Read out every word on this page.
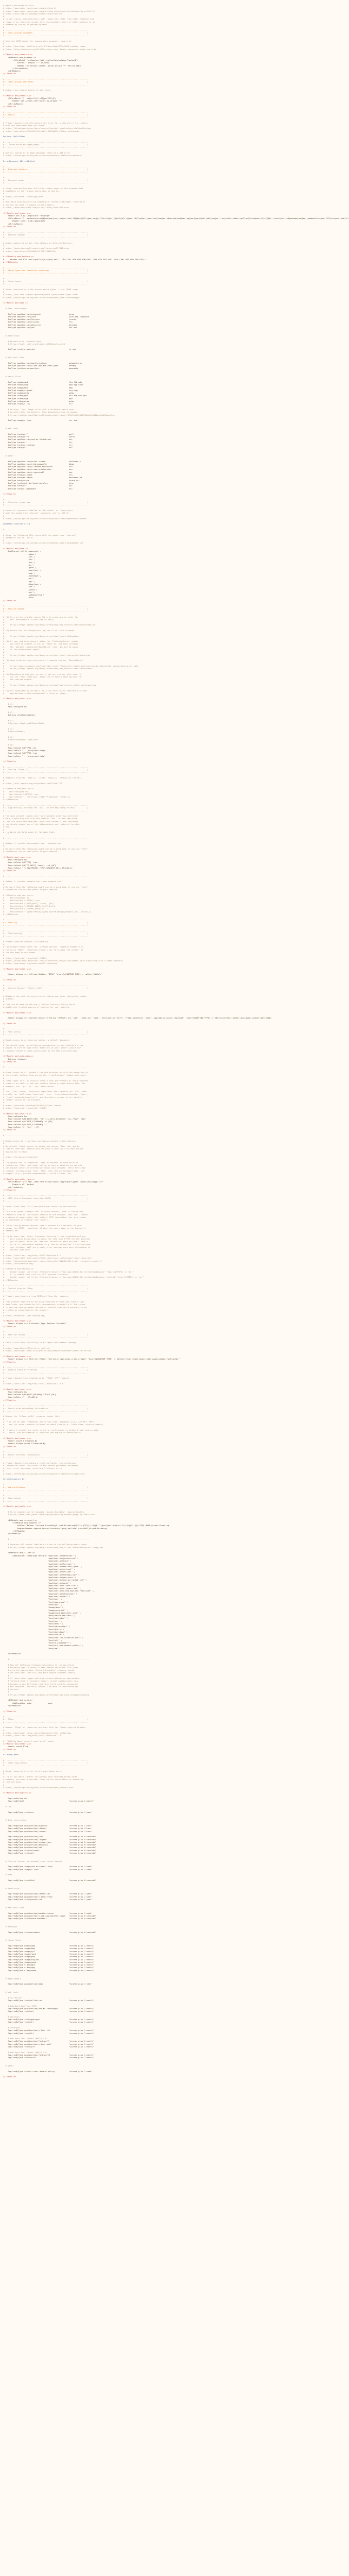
# Nginx Configuration File
# https://www.nginx.com/resources/wiki/start/
# https://www.nginx.com/resources/wiki/start/topics/tutorials/config_pitfalls/
# https://wiki.debian.org/Nginx/DirectoryStructure
#
# In most cases, administrators will remove this file from sites-enabled/ and
# leave it as reference inside of sites-available where it will continue to be
# updated by the nginx packaging team.
#
# ----------------------------------------------------------------------
# | Cross-origin requests                                              |
# ----------------------------------------------------------------------

# Send the CORS header for images when browsers request it.
#
# https://developer.mozilla.org/en-US/docs/Web/HTML/CORS_enabled_image
# https://blog.chromium.org/2011/07/using-cross-domain-images-in-webgl-and.html

<IfModule mod_setenvif.c>
<IfModule mod_headers.c>
<FilesMatch "\.(bmp|cur|gif|ico|jpe?g|png|svgz?|webp)$">
SetEnvIf Origin ":" IS_CORS
Header set Access-Control-Allow-Origin "*" env=IS_CORS
</FilesMatch>
</IfModule>
</IfModule>

# ----------------------------------------------------------------------
# | Cross-origin web fonts                                             |
# ----------------------------------------------------------------------

# Allow cross-origin access to web fonts.

<IfModule mod_headers.c>
<FilesMatch "\.(eot|otf|tt[cf]|woff2?)$">
Header set Access-Control-Allow-Origin "*"
</FilesMatch>
</IfModule>

# ----------------------------------------------------------------------
# | Errors                                                             |
# ----------------------------------------------------------------------

# Prevent Apache from returning a 404 error for a rewrite if a directory
# with the same name does not exist.
# https://httpd.apache.org/docs/current/content-negotiation.html#multiviews
# https://www.w3.org/TR/2011/CR-html5-20110525/offline.html#cache

Options -MultiViews

# ----------------------------------------------------------------------
# | Custom error messages/pages                                        |
# ----------------------------------------------------------------------

# Use our custom error page whenever there is a 404 error.
# https://httpd.apache.org/docs/current/mod/core.html#errordocument

ErrorDocument 404 /404.html

# ----------------------------------------------------------------------
# | Internet Explorer                                                  |
# ----------------------------------------------------------------------

# ----------------------------------------------------------------------
# | Document modes                                                     |
# ----------------------------------------------------------------------

# Force Internet Explorer 8/9/10 to render pages in the highest mode
# available in the various cases when it may not.
#
# https://hsivonen.fi/doctype/#ie8
#
# Use <meta http-equiv="X-UA-Compatible" content="IE=edge"> instead if
# you are not able to change server headers.
# https://msdn.microsoft.com/en-us/library/ff955275.aspx

<IfModule mod_headers.c>
Header set X-UA-Compatible "IE=edge"
<FilesMatch "\.(appcache|atom|bbaw|bmp|crx|css|cur|eot|f4[abpv]|flv|geojson|gif|htc|ic[os]|jpe?g|m?js|json(ld)?|m4[av]|manifest|map|markdown|md|mp4|oex|og[agv]|opus|otf|pdf|png|rdf|rss|safariextz|svgz?|swf|topojson|tt[cf]|txt|vcard|vcf|vtt|webapp|web[mp]|webmanifest|woff2?|xloc|xml|xpi)$">
Header unset X-UA-Compatible
</FilesMatch>
</IfModule>

# ----------------------------------------------------------------------
# | Iframes cookies                                                    |
# ----------------------------------------------------------------------

# Allow cookies to be set from iframes in Internet Explorer.
#
# https://msdn.microsoft.com/en-us/library/ms537343.aspx
# https://www.w3.org/TR/2000/CR-P3P-20001215/

# <IfModule mod_headers.c>
#     Header set P3P "policyref=\"/w3c/p3p.xml\", CP=\"IDC DSP COR ADM DEVi TAIi PSA PSD IVAi IVDi CONi HIS OUR IND CNT\""
# </IfModule>

# ----------------------------------------------------------------------
# | Media types and character encodings                                |
# ----------------------------------------------------------------------

# ----------------------------------------------------------------------
# | Media types                                                        |
# ----------------------------------------------------------------------

# Serve resources with the proper media types (f.k.a. MIME types).
#
# https://www.iana.org/assignments/media-types/media-types.xhtml
# https://httpd.apache.org/docs/current/mod/mod_mime.html#addtype

<IfModule mod_mime.c>

# Data interchange

AddType application/atom+xml                        atom
AddType application/json                            json map topojson
AddType application/ld+json                         jsonld
AddType application/rss+xml                         rss
AddType application/geo+json                        geojson
AddType application/xml                             rdf xml

# JavaScript

# Normalize to standard type.
# https://tools.ietf.org/html/rfc4329#section-7.2

AddType text/javascript                             js mjs

# Manifest files

AddType application/manifest+json                   webmanifest
AddType application/x-web-app-manifest+json         webapp
AddType text/cache-manifest                         appcache

# Media files

AddType audio/mp4                                   f4a f4b m4a
AddType audio/ogg                                   oga ogg opus
AddType image/bmp                                   bmp
AddType image/svg+xml                               svg svgz
AddType image/webp                                  webp
AddType video/mp4                                   f4v f4p m4v mp4
AddType video/ogg                                   ogv
AddType video/webm                                  webm
AddType video/x-flv                                 flv

# Serving `.ico` image files with a different media type
# prevents Internet Explorer from displaying them as images:
# https://github.com/h5bp/html5-boilerplate/commit/37b5fec090d00f38de64b591bcddcb205aadf8ee

AddType image/x-icon                                cur ico

# Web fonts

AddType font/woff                                   woff
AddType font/woff2                                  woff2
AddType application/vnd.ms-fontobject               eot
AddType font/ttf                                    ttf
AddType font/collection                             ttc
AddType font/otf                                    otf

# Other

AddType application/octet-stream                    safariextz
AddType application/x-bb-appworld                   bbaw
AddType application/x-chrome-extension              crx
AddType application/x-opera-extension               oex
AddType application/x-xpinstall                     xpi
AddType text/calendar                               ics
AddType text/markdown                               markdown md
AddType text/vcard                                  vcard vcf
AddType text/vnd.rim.location.xloc                  xloc
AddType text/vtt                                    vtt
AddType text/x-component                            htc

</IfModule>

# ----------------------------------------------------------------------
# | Character encodings                                                |
# ----------------------------------------------------------------------

# Serve all resources labeled as `text/html` or `text/plain`
# with the media type `charset` parameter set to `UTF-8`.
#
# https://httpd.apache.org/docs/current/mod/core.html#adddefaultcharset

AddDefaultCharset utf-8

# - - - - - - - - - - - - - - - - - - - - - - - - - - - - - - - - - - -

# Serve the following file types with the media type `charset`
# parameter set to `UTF-8`.
#
# https://httpd.apache.org/docs/current/mod/mod_mime.html#addcharset

<IfModule mod_mime.c>
AddCharset utf-8 .appcache \
.bbaw \
.css \
.htc \
.ics \
.js \
.json \
.manifest \
.map \
.markdown \
.md \
.mjs \
.topojson \
.vtt \
.vcard \
.vcf \
.webmanifest \
.xloc
</IfModule>

# ----------------------------------------------------------------------
# | Rewrite engine                                                     |
# ----------------------------------------------------------------------

# (1) Turn on the rewrite engine (this is necessary in order for
#     the `RewriteRule` directives to work).
#
#     https://httpd.apache.org/docs/current/mod/mod_rewrite.html#RewriteEngine
#
# (2) Enable the `FollowSymLinks` option if it isn't already.
#
#     https://httpd.apache.org/docs/current/mod/core.html#options
#
# (3) If your web host doesn't allow the `FollowSymlinks` option,
#     you need to comment it out or remove it, and then uncomment
#     the `Options +SymLinksIfOwnerMatch` line (4), but be aware
#     of the performance impact.
#
#     https://httpd.apache.org/docs/current/misc/perf-tuning.html#symlinks
#
# (4) Some cloud hosting services will require you set `RewriteBase`.
#
#     https://www.rackspace.com/knowledge_center/frequently-asked-question/why-is-modrewrite-not-working-on-my-site
#     https://httpd.apache.org/docs/current/mod/mod_rewrite.html#rewritebase
#
# (5) Depending on how your server is set up, you may also need to
#     use the `RewriteOptions` directive to enable some options for
#     the rewrite engine.
#
#     https://httpd.apache.org/docs/current/mod/mod_rewrite.html#rewriteoptions
#
# (6) Set %{ENV:PROTO} variable, to allow rewrites to redirect with the
#     appropriate schema automatically (http or https).

<IfModule mod_rewrite.c>

# (1)
RewriteEngine On

# (2)
Options +FollowSymlinks

# (3)
# Options +SymLinksIfOwnerMatch

# (4)
# RewriteBase /

# (5)
# RewriteOptions <options>

# (6)
RewriteCond %{HTTPS} =on
RewriteRule ^ - [env=proto:https]
RewriteCond %{HTTPS} !=on
RewriteRule ^ - [env=proto:http]

</IfModule>

# ----------------------------------------------------------------------
# | Forcing `https://`                                                 |
# ----------------------------------------------------------------------

# Redirect from the `http://` to the `https://` version of the URL.
#
# https://wiki.apache.org/httpd/RewriteHTTPToHTTPS

# <IfModule mod_rewrite.c>
#    RewriteEngine On
#    RewriteCond %{HTTPS} !=on
#    RewriteRule ^(.*)$ https://%{HTTP_HOST}/$1 [R=301,L]
# </IfModule>

# ----------------------------------------------------------------------
# | Suppressing / Forcing the `www.` at the beginning of URLs          |
# ----------------------------------------------------------------------

# The same content should never be available under two different
# URLs, especially not with and without `www.` at the beginning.
# This can cause SEO problems (duplicate content), and therefore,
# you should choose one of the alternatives and redirect the other
# one.
#
# (!) NEVER USE BOTH RULES AT THE SAME TIME!

# - - - - - - - - - - - - - - - - - - - - - - - - - - - - - - - - - - -

# Option 1: rewrite www.example.com → example.com
#
# Be aware that the following might not be a good idea if you use "real"
# subdomains for certain parts of your website.

<IfModule mod_rewrite.c>
RewriteEngine On
RewriteCond %{HTTPS} !=on
RewriteCond %{HTTP_HOST} ^www\.(.+)$ [NC]
RewriteRule ^ %{ENV:PROTO}://%1%{REQUEST_URI} [R=301,L]
</IfModule>

# - - - - - - - - - - - - - - - - - - - - - - - - - - - - - - - - - - -

# Option 2: rewrite example.com → www.example.com
#
# Be aware that the following might not be a good idea if you use "real"
# subdomains for certain parts of your website.

# <IfModule mod_rewrite.c>
#     RewriteEngine On
#     RewriteCond %{HTTPS} !=on
#     RewriteCond %{HTTP_HOST} !^www\. [NC]
#     RewriteCond %{SERVER_ADDR} !=127.0.0.1
#     RewriteCond %{SERVER_ADDR} !=::1
#     RewriteRule ^ %{ENV:PROTO}://www.%{HTTP_HOST}%{REQUEST_URI} [R=301,L]
# </IfModule>

# ----------------------------------------------------------------------
# | Security                                                           |
# ----------------------------------------------------------------------

# ----------------------------------------------------------------------
# | Clickjacking                                                       |
# ----------------------------------------------------------------------

# Protect website against clickjacking.
#
# The example below sends the `X-Frame-Options` response header with
# the value `DENY`, informing browsers not to display the content of
# the web page in any frame.
#
# https://tools.ietf.org/html/rfc7034
# https://blogs.msdn.microsoft.com/ieinternals/2010/03/30/combating-clickjacking-with-x-frame-options/
# https://www.owasp.org/index.php/Clickjacking

<IfModule mod_headers.c>

Header always set X-Frame-Options "DENY" "expr=%{CONTENT_TYPE} =~ m#text/html#i"

</IfModule>

# ----------------------------------------------------------------------
# | Content Security Policy (CSP)                                      |
# ----------------------------------------------------------------------

# Mitigate the risk of cross-site scripting and other content-injection
# attacks.
#
# This can be done by setting a Content Security Policy which
# whitelists trusted sources of content for your website.

<IfModule mod_headers.c>

Header always set Content-Security-Policy "default-src 'self'; base-uri 'none'; form-action 'self'; frame-ancestors 'none'; upgrade-insecure-requests" "expr=%{CONTENT_TYPE} =~ m#text\/(html|javascript)|application\/pdf|xml#i"

</IfModule>

# ----------------------------------------------------------------------
# | File access                                                        |
# ----------------------------------------------------------------------

# Block access to directories without a default document.
#
# You should leave the following uncommented, as you shouldn't allow
# anyone to surf through every directory on your server (which may
# includes rather private places such as the CMS's directories).

<IfModule mod_autoindex.c>
Options -Indexes
</IfModule>

# - - - - - - - - - - - - - - - - - - - - - - - - - - - - - - - - - - -

# Block access to all hidden files and directories with the exception of
# the visible content from within the `/.well-known/` hidden directory.
#
# These types of files usually contain user preferences or the preserved
# state of an utility, and can include rather private places like, for
# example, the `.git` or `.svn` directories.
#
# The `/.well-known/` directory represents the standard (RFC 5785) path
# prefix for "well-known locations" (e.g.: `/.well-known/manifest.json`,
# `/.well-known/keybase.txt`), and therefore, access to its visible
# content should not be blocked.
#
# https://www.mnot.net/blog/2010/04/07/well-known
# https://tools.ietf.org/html/rfc5785

<IfModule mod_rewrite.c>
RewriteEngine On
RewriteCond %{REQUEST_URI} "!(^|/)\.well-known/([^./]+./?)+$" [NC]
RewriteCond %{SCRIPT_FILENAME} -d [OR]
RewriteCond %{SCRIPT_FILENAME} -f
RewriteRule "(^|/)\." - [F]
</IfModule>

# - - - - - - - - - - - - - - - - - - - - - - - - - - - - - - - - - - -

# Block access to files that can expose sensitive information.
#
# By default, block access to backup and source files that may be
# left by some text editors and can pose a security risk when anyone
# has access to them.
#
# https://feross.org/cmsploit/
#
# (!) Update the `<FilesMatch>` regular expression from below to
# include any files that might end up on your production server and
# can expose sensitive information about your website. These files may
# include: configuration files, files that contain metadata about the
# project (e.g.: project dependencies), build scripts, etc..

<IfModule mod_authz_core.c>
<FilesMatch "(^#.*#|\.(bak|conf|dist|fla|in[ci]|log|orig|psd|sh|sql|sw[op])|~)$">
Require all denied
</FilesMatch>
</IfModule>

# ----------------------------------------------------------------------
# | HTTP Strict Transport Security (HSTS)                              |
# ----------------------------------------------------------------------

# Force client-side TLS (Transport Layer Security) redirection.
#
# If a user types `example.com` in their browser, even if the server
# redirects them to the secure version of the website, that still leaves
# a window of opportunity (the initial HTTP connection) for an attacker
# to downgrade or redirect the request.
#
# The following header ensures that a browser only connects to your
# server via HTTPS, regardless of what the users type in the browser's
# address bar.
#
# (!) Be aware that Strict Transport Security is not revokable and you
#     must ensure being able to serve the site over HTTPS for the duration
#     you've specified in the `max-age` directive. When you don't have a
#     valid TLS connection anymore (e.g. due to an expired TLS certificate)
#     your visitors will see a nasty error message even when attempting to
#     connect over HTTP.
#
# https://tools.ietf.org/html/rfc6797#section-6.1
# https://www.html5rocks.com/en/tutorials/security/transport-layer-security/
# https://blogs.msdn.microsoft.com/ieinternals/2014/08/18/strict-transport-security/
# https://hstspreload.org/

# <IfModule mod_headers.c>
#     Header always set Strict-Transport-Security "max-age=16070400; includeSubDomains" "expr=%{HTTPS} == 'on'"
#     # (1) Enable your site for HSTS preload inclusion.
#     Header always set Strict-Transport-Security "max-age=16070400; includeSubDomains; preload" "expr=%{HTTPS} == 'on'"
# </IfModule>

# ----------------------------------------------------------------------
# | Content type sniffing                                              |
# ----------------------------------------------------------------------

# Prevent some browsers from MIME-sniffing the response.
#
# This reduces exposure to drive-by download attacks and cross-origin
# data leaks, and should be left uncommented, especially if the server
# is serving user-uploaded content or content that could potentially be
# treated as executable by the browser.
#
# https://mimesniff.spec.whatwg.org/

<IfModule mod_headers.c>
Header always set X-Content-Type-Options "nosniff"
</IfModule>

# ----------------------------------------------------------------------
# | Referrer Policy                                                    |
# ----------------------------------------------------------------------

# Set a strict Referrer Policy to mitigate information leakage.
#
# https://www.w3.org/TR/referrer-policy/
# https://developer.mozilla.org/en-US/docs/Web/HTTP/Headers/Referrer-Policy

<IfModule mod_headers.c>
Header always set Referrer-Policy "strict-origin-when-cross-origin" "expr=%{CONTENT_TYPE} =~ m#text\/(css|html|javascript)|application\/pdf|xml#i"
</IfModule>

# ----------------------------------------------------------------------
# | Disable TRACE HTTP Method                                          |
# ----------------------------------------------------------------------

# Prevent Apache from responding to `TRACE` HTTP request.
#
# https://tools.ietf.org/html/rfc7231#section-4.3.8

<IfModule mod_rewrite.c>
RewriteEngine On
RewriteCond %{REQUEST_METHOD} ^TRACE [NC]
RewriteRule .* - [R=405,L]
</IfModule>

# ----------------------------------------------------------------------
# | Server-side technology information                                 |
# ----------------------------------------------------------------------

# Remove the `X-Powered-By` response header that:
#
#  * is set by some frameworks and server-side languages (e.g.: ASP.NET, PHP),
#    and its value contains information about them (e.g.: their name, version number)
#
#  * doesn't provide any value to users, contributes to header bloat, and in some
#    cases, the information it provides can expose vulnerabilities

<IfModule mod_headers.c>
Header unset X-Powered-By
Header always unset X-Powered-By
</IfModule>

# ----------------------------------------------------------------------
# | Server software information                                        |
# ----------------------------------------------------------------------

# Prevent Apache from adding a trailing footer line containing
# information about the server to the server-generated documents
# (e.g.: error messages, directory listings, etc.)
#
# https://httpd.apache.org/docs/current/mod/core.html#serversignature

ServerSignature Off

# ----------------------------------------------------------------------
# | Web performance                                                    |
# ----------------------------------------------------------------------

# ----------------------------------------------------------------------
# | Compression                                                        |
# ----------------------------------------------------------------------

<IfModule mod_deflate.c>

# Force compression for mangled `Accept-Encoding` request headers
# https://developer.yahoo.com/blogs/ydn/pushing-beyond-gzipping-25601.html

<IfModule mod_setenvif.c>
<IfModule mod_headers.c>
SetEnvIfNoCase ^(Accept-EncodXng|X-cept-Encoding|X{15}|~{15}|-{15})$ ^((gzip|deflate)\s*,?\s*)+|[X~-]{4,13}$ HAVE_Accept-Encoding
RequestHeader append Accept-Encoding "gzip,deflate" env=HAVE_Accept-Encoding
</IfModule>
</IfModule>

# - - - - - - - - - - - - - - - - - - - - - - - - - - - - - - - - - -

# Compress all output labeled with one of the following media types.
# https://httpd.apache.org/docs/current/mod/mod_filter.html#addoutputfilterbytype

<IfModule mod_filter.c>
AddOutputFilterByType DEFLATE "application/atom+xml" \
"application/javascript" \
"application/json" \
"application/ld+json" \
"application/manifest+json" \
"application/rdf+xml" \
"application/rss+xml" \
"application/schema+json" \
"application/geo+json" \
"application/vnd.ms-fontobject" \
"application/wasm" \
"application/x-font-ttf" \
"application/x-javascript" \
"application/x-web-app-manifest+json" \
"application/xhtml+xml" \
"application/xml" \
"font/eot" \
"font/opentype" \
"font/otf" \
"image/bmp" \
"image/svg+xml" \
"image/vnd.microsoft.icon" \
"text/cache-manifest" \
"text/calendar" \
"text/css" \
"text/html" \
"text/javascript" \
"text/plain" \
"text/markdown" \
"text/vcard" \
"text/vnd.rim.location.xloc" \
"text/vtt" \
"text/x-component" \
"text/x-cross-domain-policy" \
"text/xml"

</IfModule>

# - - - - - - - - - - - - - - - - - - - - - - - - - - - - - - - - - -

# Map the following filename extensions to the specified
# encoding type in order to make Apache serve the file types
# with the appropriate `Content-Encoding` response header
# (do note that this will NOT make Apache compress them!).
#
# If these files types would be served without an appropriate
# `Content-Enable` response header, client applications (e.g.:
# browsers) wouldn't know that they first need to uncompress
# the response, and thus, wouldn't be able to understand the
# content.
#
# https://httpd.apache.org/docs/current/mod/mod_mime.html#addencoding

<IfModule mod_mime.c>
AddEncoding gzip              svgz
</IfModule>

</IfModule>

# ----------------------------------------------------------------------
# | ETags                                                              |
# ----------------------------------------------------------------------

# Remove `ETags` as resources are sent with far-future expires headers.
#
# https://developer.yahoo.com/performance/rules.html#etags
# https://tools.ietf.org/html/rfc7232#section-2.3

# `FileETag None` doesn't work in all cases.
<IfModule mod_headers.c>
Header unset ETag
</IfModule>

FileETag None

# ----------------------------------------------------------------------
# | Cache expiration                                                   |
# ----------------------------------------------------------------------

# Serve resources with far-future expiration date.
#
# (!) If you don't control versioning with filename-based cache
# busting, you should consider lowering the cache times to something
# like one week.
#
# https://httpd.apache.org/docs/current/mod/mod_expires.html

<IfModule mod_expires.c>

ExpiresActive on
ExpiresDefault                                      "access plus 1 month"

# CSS

ExpiresByType text/css                              "access plus 1 year"

# Data interchange

ExpiresByType application/atom+xml                  "access plus 1 hour"
ExpiresByType application/rdf+xml                   "access plus 1 hour"
ExpiresByType application/rss+xml                   "access plus 1 hour"

ExpiresByType application/json                      "access plus 0 seconds"
ExpiresByType application/ld+json                   "access plus 0 seconds"
ExpiresByType application/schema+json               "access plus 0 seconds"
ExpiresByType application/geo+json                  "access plus 0 seconds"
ExpiresByType application/xml                       "access plus 0 seconds"
ExpiresByType text/calendar                         "access plus 0 seconds"
ExpiresByType text/xml                              "access plus 0 seconds"

# Favicon (cannot be renamed!) and cursor images

ExpiresByType image/vnd.microsoft.icon              "access plus 1 week"
ExpiresByType image/x-icon                          "access plus 1 week"

# HTML

ExpiresByType text/html                             "access plus 0 seconds"

# JavaScript

ExpiresByType application/javascript                "access plus 1 year"
ExpiresByType application/x-javascript              "access plus 1 year"
ExpiresByType text/javascript                       "access plus 1 year"

# Manifest files

ExpiresByType application/manifest+json             "access plus 1 week"
ExpiresByType application/x-web-app-manifest+json   "access plus 0 seconds"
ExpiresByType text/cache-manifest                   "access plus 0 seconds"

# Markdown

ExpiresByType text/markdown                         "access plus 0 seconds"

# Media files

ExpiresByType audio/ogg                             "access plus 1 month"
ExpiresByType image/bmp                             "access plus 1 month"
ExpiresByType image/gif                             "access plus 1 month"
ExpiresByType image/jpeg                            "access plus 1 month"
ExpiresByType image/png                             "access plus 1 month"
ExpiresByType image/svg+xml                         "access plus 1 month"
ExpiresByType image/webp                            "access plus 1 month"
ExpiresByType video/mp4                             "access plus 1 month"
ExpiresByType video/ogg                             "access plus 1 month"
ExpiresByType video/webm                            "access plus 1 month"

# WebAssembly

ExpiresByType application/wasm                      "access plus 1 year"

# Web fonts

# Collection
ExpiresByType font/collection                       "access plus 1 month"

# Embedded OpenType (EOT)
ExpiresByType application/vnd.ms-fontobject         "access plus 1 month"
ExpiresByType font/eot                              "access plus 1 month"

# OpenType
ExpiresByType font/opentype                         "access plus 1 month"
ExpiresByType font/otf                              "access plus 1 month"

# TrueType
ExpiresByType application/x-font-ttf                "access plus 1 month"
ExpiresByType font/ttf                              "access plus 1 month"

# Web Open Font Format (WOFF) 1.0
ExpiresByType application/font-woff                 "access plus 1 month"
ExpiresByType application/x-font-woff               "access plus 1 month"
ExpiresByType font/woff                             "access plus 1 month"

# Web Open Font Format (WOFF) 2.0
ExpiresByType application/font-woff2                "access plus 1 month"
ExpiresByType font/woff2                            "access plus 1 month"

# Other

ExpiresByType text/x-cross-domain-policy            "access plus 1 week"

</IfModule>
